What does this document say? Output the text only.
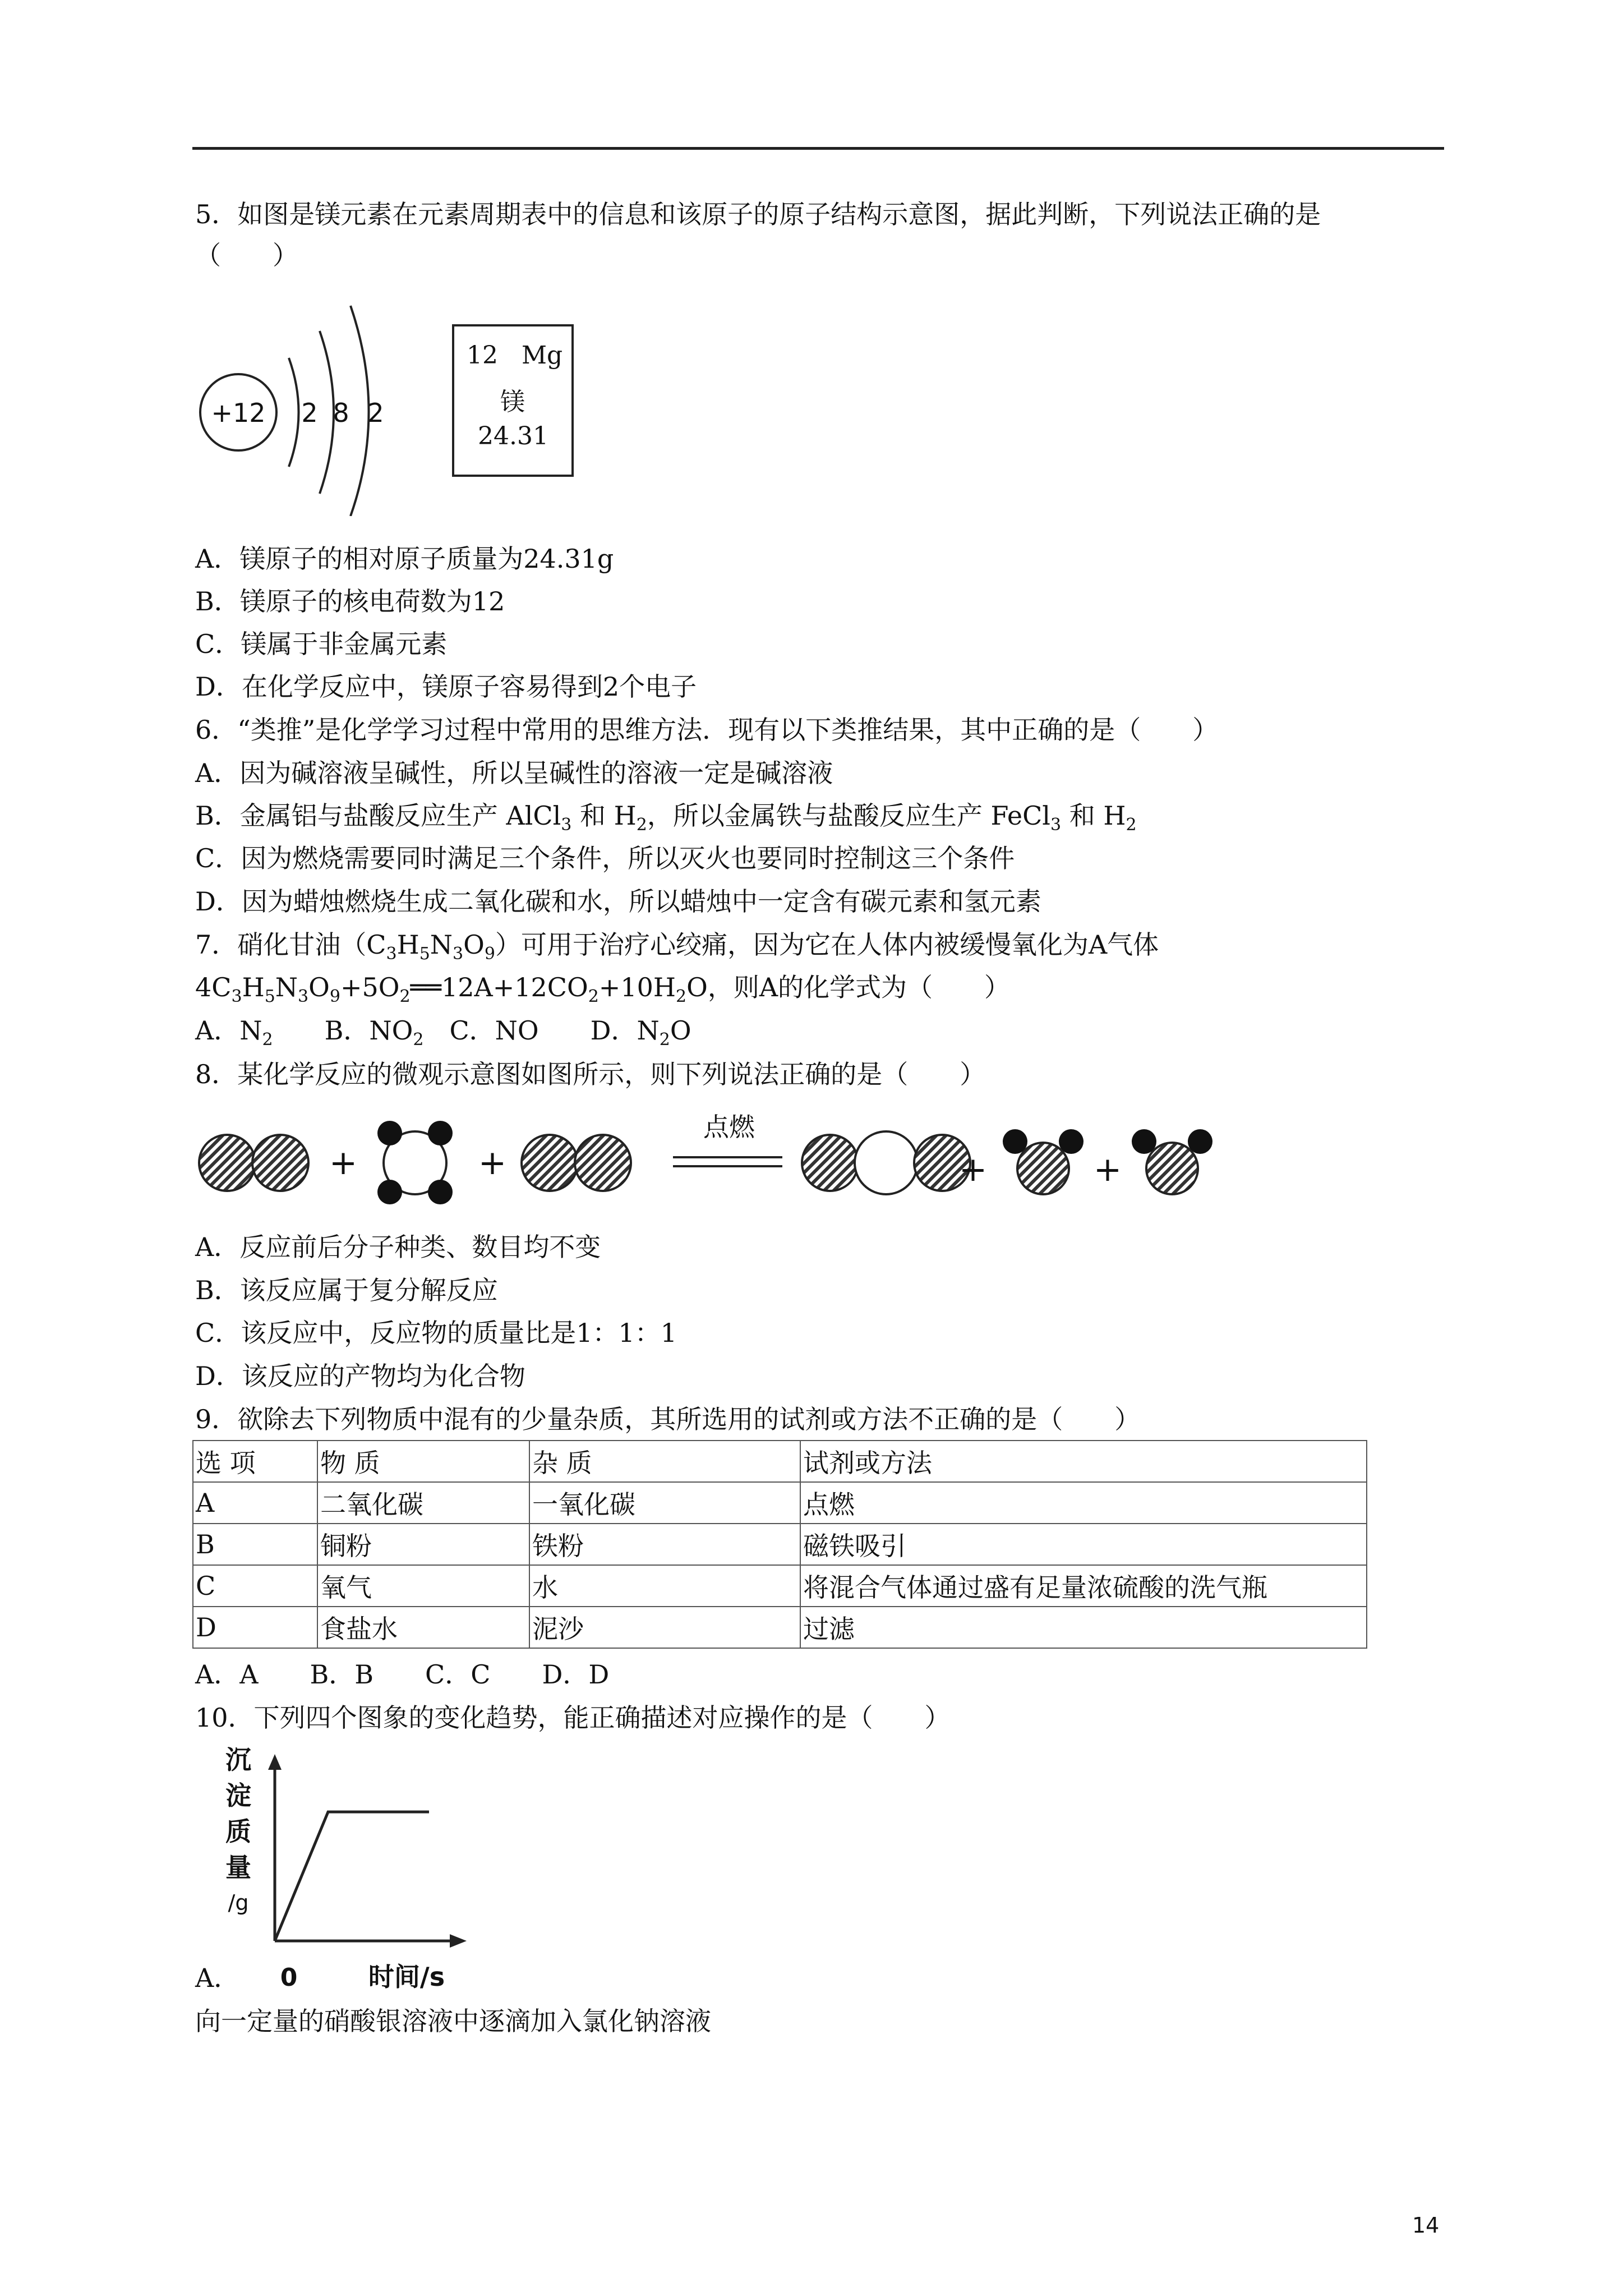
5．如图是镁元素在元素周期表中的信息和该原子的原子结构示意图，据此判断，下列说法正确的是
（　　）
+12 2 8 2
12 Mg
镁
24.31
A．镁原子的相对原子质量为24.31g
B．镁原子的核电荷数为12
C．镁属于非金属元素
D．在化学反应中，镁原子容易得到2个电子
6．“类推”是化学学习过程中常用的思维方法．现有以下类推结果，其中正确的是（　　）
A．因为碱溶液呈碱性，所以呈碱性的溶液一定是碱溶液
B．金属铝与盐酸反应生产 AlCl$_3$ 和 $H_2$，所以金属铁与盐酸反应生产 FeCl$_3$ 和 $H_2$
C．因为燃烧需要同时满足三个条件，所以灭火也要同时控制这三个条件
D．因为蜡烛燃烧生成二氧化碳和水，所以蜡烛中一定含有碳元素和氢元素
7．硝化甘油$(C_3H_5N_3O_9)$可用于治疗心绞痛，因为它在人体内被缓慢氧化为A气体
$4C_3H_5N_3O_9+5O_2══12A+12CO_2+10H_2O$，则A的化学式为（　　）
A．$N_2$　　B．$NO_2$　C．NO　　D．$N_2O$
8．某化学反应的微观示意图如图所示，则下列说法正确的是（　　）
+	+
点燃
+	+
A．反应前后分子种类、数目均不变
B．该反应属于复分解反应
C．该反应中，反应物的质量比是1：1：1
D．该反应的产物均为化合物
9．欲除去下列物质中混有的少量杂质，其所选用的试剂或方法不正确的是（　　）
选 项	物 质	杂 质	试剂或方法
A	二氧化碳	一氧化碳	点燃
B	铜粉	铁粉	磁铁吸引
C	氧气	水	将混合气体通过盛有足量浓硫酸的洗气瓶
D	食盐水	泥沙	过滤
A．A　　B．B　　C．C　　D．D
10．下列四个图象的变化趋势，能正确描述对应操作的是（　　）
沉
淀
质
量
/g
0	时间/s
A．
向一定量的硝酸银溶液中逐滴加入氯化钠溶液
14
